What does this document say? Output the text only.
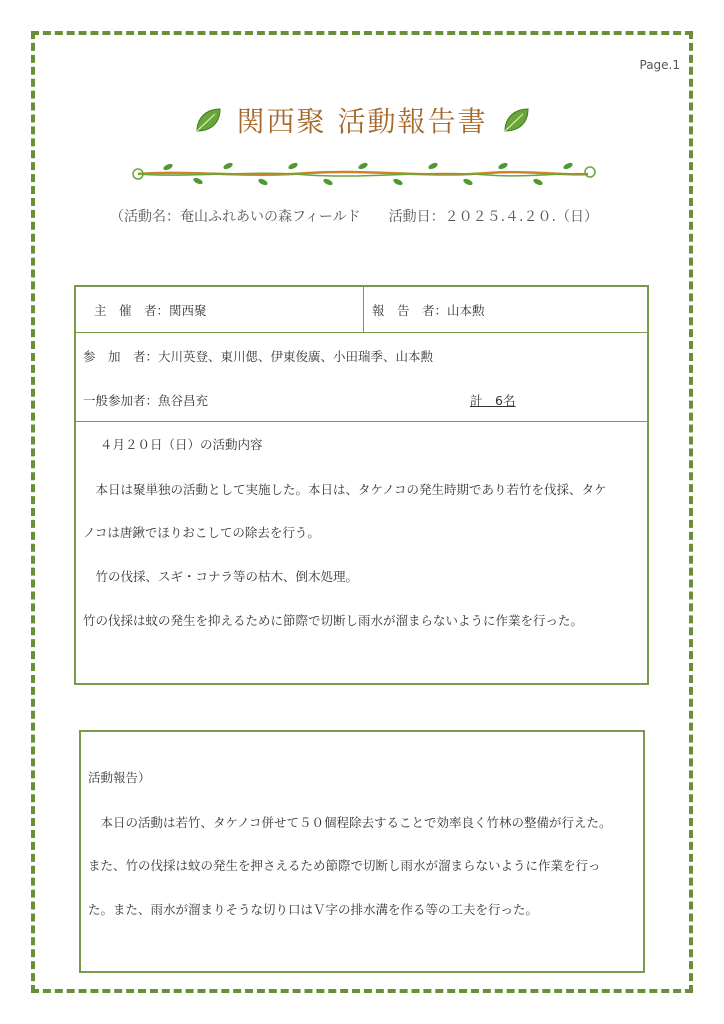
Page.1
関西聚 活動報告書
（活動名：奄山ふれあいの森フィールド　　活動日：２０２５.４.２０.（日）
主　催　者：関西聚	報　告　者：山本勲
参　加　者：大川英登、東川偲、伊東俊廣、小田瑞季、山本勲
一般参加者：魚谷昌充	計　6名
４月２０日（日）の活動内容
　本日は聚単独の活動として実施した。本日は、タケノコの発生時期であり若竹を伐採、タケ
ノコは唐鍬でほりおこしての除去を行う。
　竹の伐採、スギ・コナラ等の枯木、倒木処理。
竹の伐採は蚊の発生を抑えるために節際で切断し雨水が溜まらないように作業を行った。
活動報告）
　本日の活動は若竹、タケノコ併せて５０個程除去することで効率良く竹林の整備が行えた。
また、竹の伐採は蚊の発生を押さえるため節際で切断し雨水が溜まらないように作業を行っ
た。また、雨水が溜まりそうな切り口はＶ字の排水溝を作る等の工夫を行った。
